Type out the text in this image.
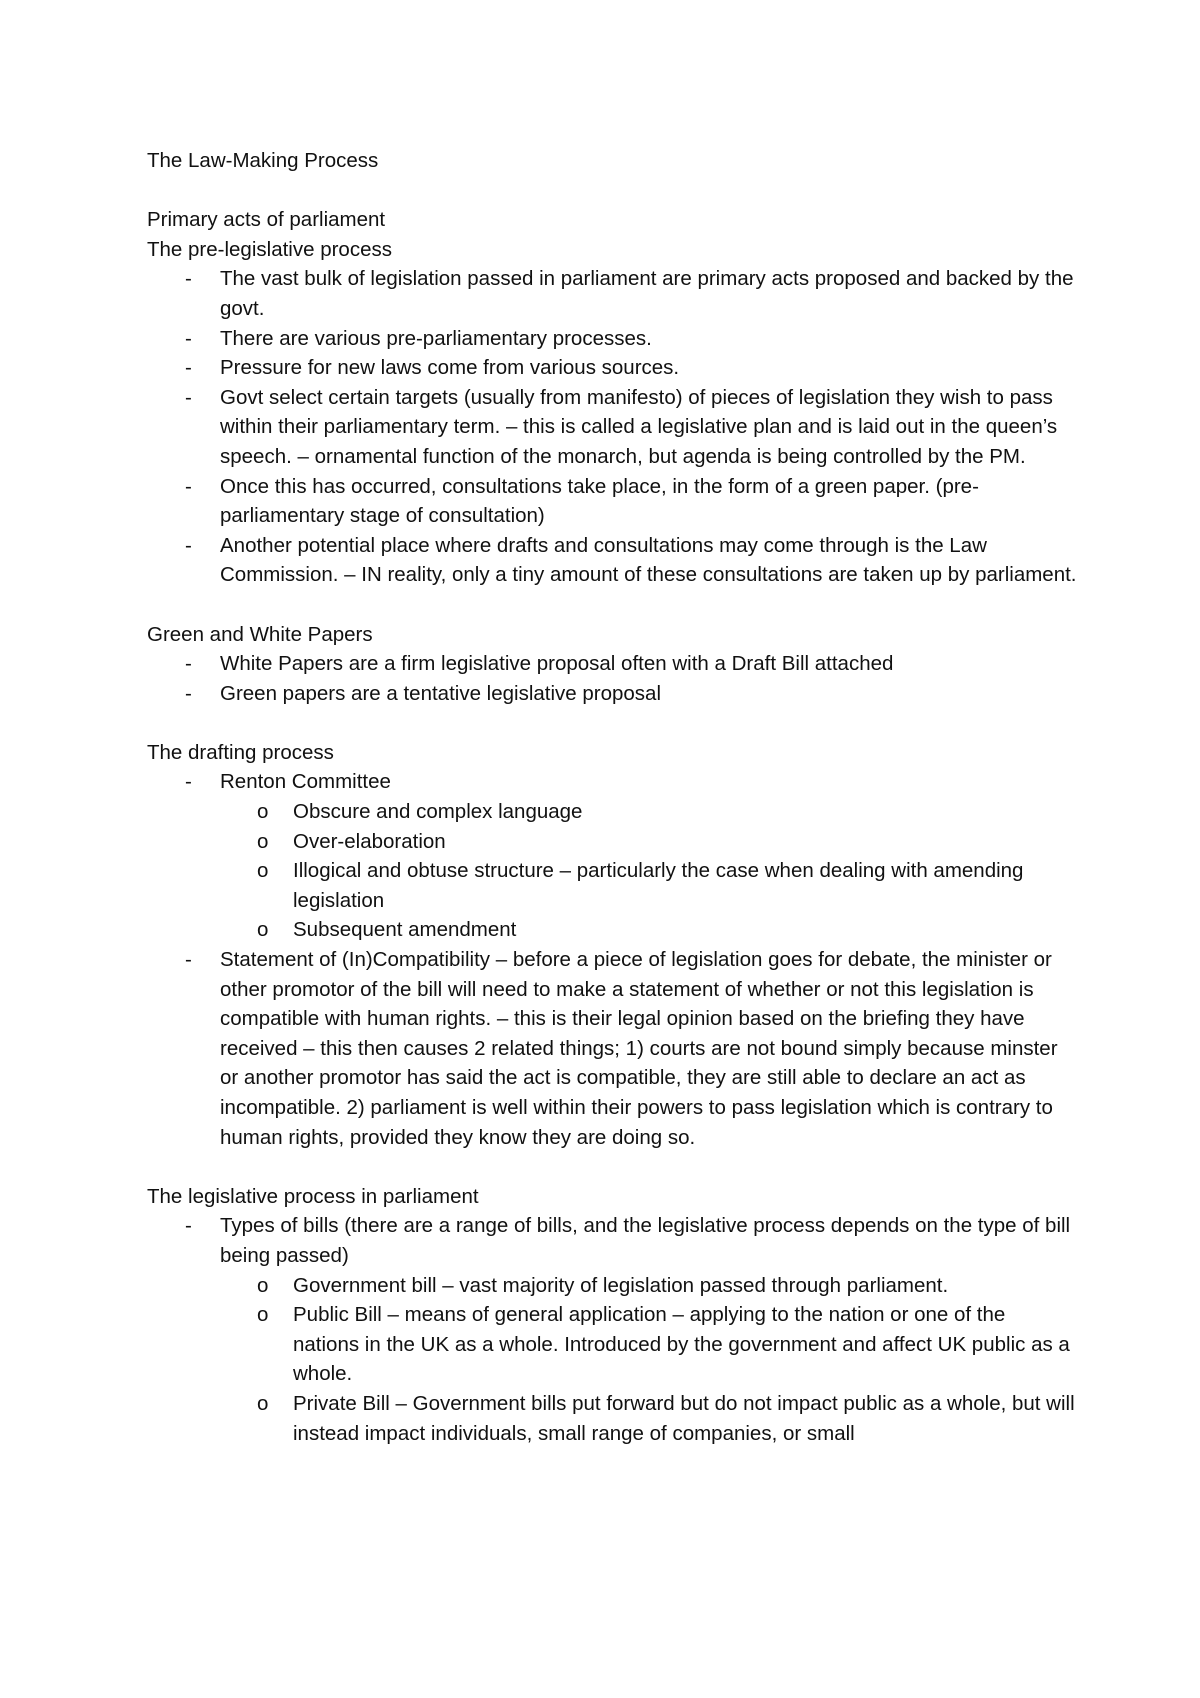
The Law-Making Process

Primary acts of parliament

The pre-legislative process

- The vast bulk of legislation passed in parliament are primary acts proposed and backed by the govt.
- There are various pre-parliamentary processes.
- Pressure for new laws come from various sources.
- Govt select certain targets (usually from manifesto) of pieces of legislation they wish to pass within their parliamentary term. – this is called a legislative plan and is laid out in the queen’s speech. – ornamental function of the monarch, but agenda is being controlled by the PM.
- Once this has occurred, consultations take place, in the form of a green paper. (pre-parliamentary stage of consultation)
- Another potential place where drafts and consultations may come through is the Law Commission. – IN reality, only a tiny amount of these consultations are taken up by parliament.

Green and White Papers

- White Papers are a firm legislative proposal often with a Draft Bill attached
- Green papers are a tentative legislative proposal

The drafting process

- Renton Committee
o Obscure and complex language
o Over-elaboration
o Illogical and obtuse structure – particularly the case when dealing with amending legislation
o Subsequent amendment
- Statement of (In)Compatibility – before a piece of legislation goes for debate, the minister or other promotor of the bill will need to make a statement of whether or not this legislation is compatible with human rights. – this is their legal opinion based on the briefing they have received – this then causes 2 related things; 1) courts are not bound simply because minster or another promotor has said the act is compatible, they are still able to declare an act as incompatible. 2) parliament is well within their powers to pass legislation which is contrary to human rights, provided they know they are doing so.

The legislative process in parliament

- Types of bills (there are a range of bills, and the legislative process depends on the type of bill being passed)
o Government bill – vast majority of legislation passed through parliament.
o Public Bill – means of general application – applying to the nation or one of the nations in the UK as a whole. Introduced by the government and affect UK public as a whole.
o Private Bill – Government bills put forward but do not impact public as a whole, but will instead impact individuals, small range of companies, or small
